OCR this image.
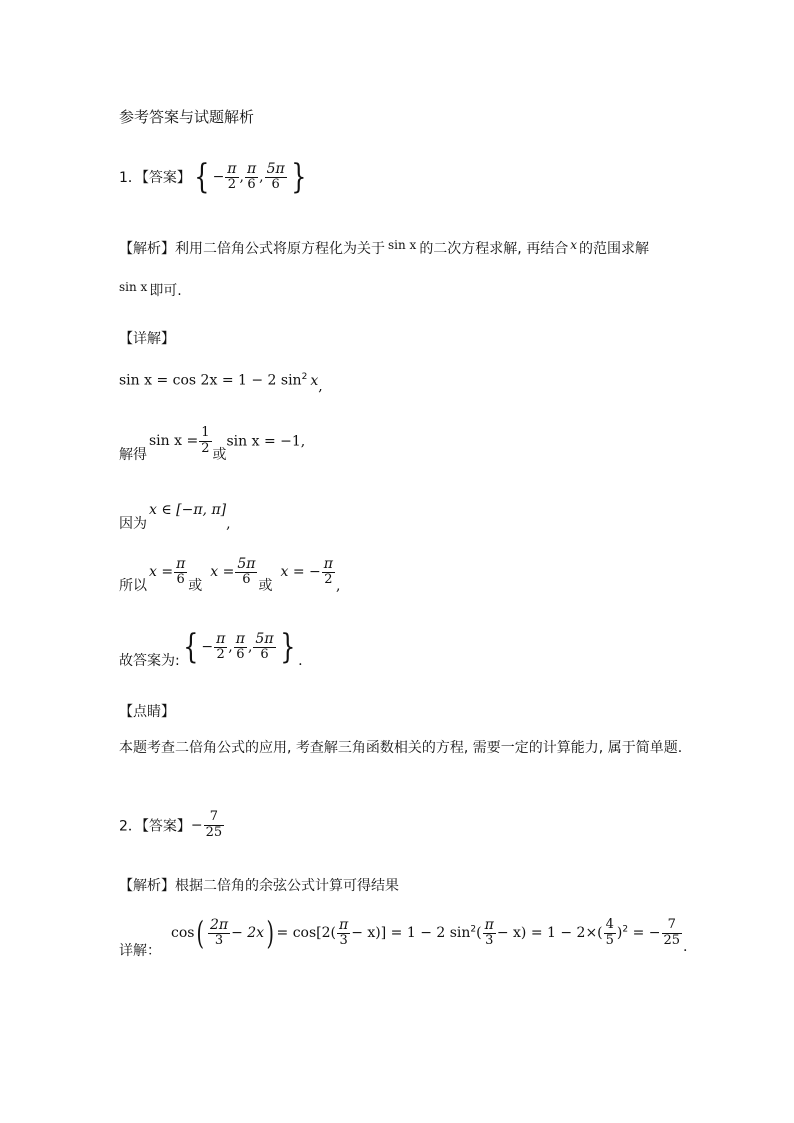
参考答案与试题解析
1．【答案】{ − $\frac{\pi}{2}$ , $\frac{\pi}{6}$ , $\frac{5\pi}{6}$ }
【解析】利用二倍角公式将原方程化为关于 sin x 的二次方程求解, 再结合 x 的范围求解
sin x 即可.
【详解】
sin x = cos 2x = 1 − 2 $\sin^2 x$,
解得$\sin x = \frac{1}{2}$ 或sin x = −1,
因为x ∈ [−π, π],
所以$x = \frac{\pi}{6}$ 或$x = \frac{5\pi}{6}$ 或x = − $\frac{\pi}{2}$ ,
故答案为:{ − $\frac{\pi}{2}$ , $\frac{\pi}{6}$ , $\frac{5\pi}{6}$ } .
【点睛】
本题考查二倍角公式的应用, 考查解三角函数相关的方程, 需要一定的计算能力, 属于简单题.
2．【答案】− $\frac{7}{25}$
【解析】根据二倍角的余弦公式计算可得结果
详解：$\cos( \frac{2\pi}{3} - 2x) = \cos[2( \frac{\pi}{3} - x)] = 1 - 2$ $\sin^2( \frac{\pi}{3} - x) = 1 - 2\times( \frac{4}{5} )^2$ = − $\frac{7}{25}$ .
